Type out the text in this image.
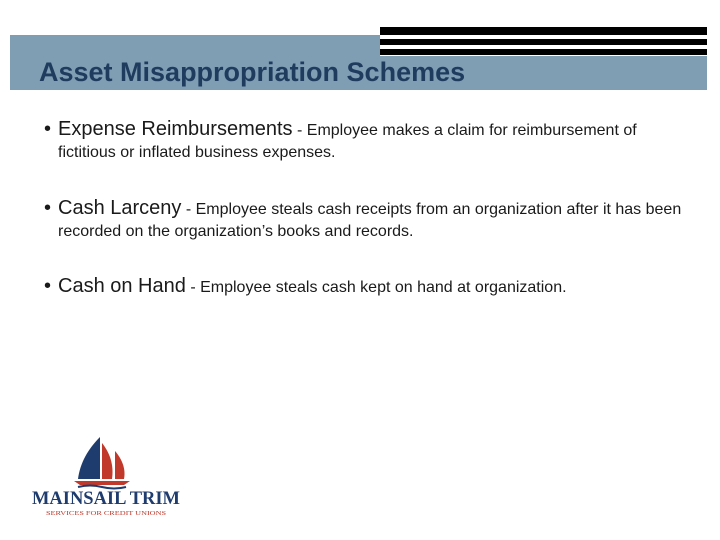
Asset Misappropriation Schemes

• Expense Reimbursements - Employee makes a claim for reimbursement of fictitious or inflated business expenses.

• Cash Larceny - Employee steals cash receipts from an organization after it has been recorded on the organization’s books and records.

• Cash on Hand - Employee steals cash kept on hand at organization.

MAINSAIL TRIM
SERVICES FOR CREDIT UNIONS
